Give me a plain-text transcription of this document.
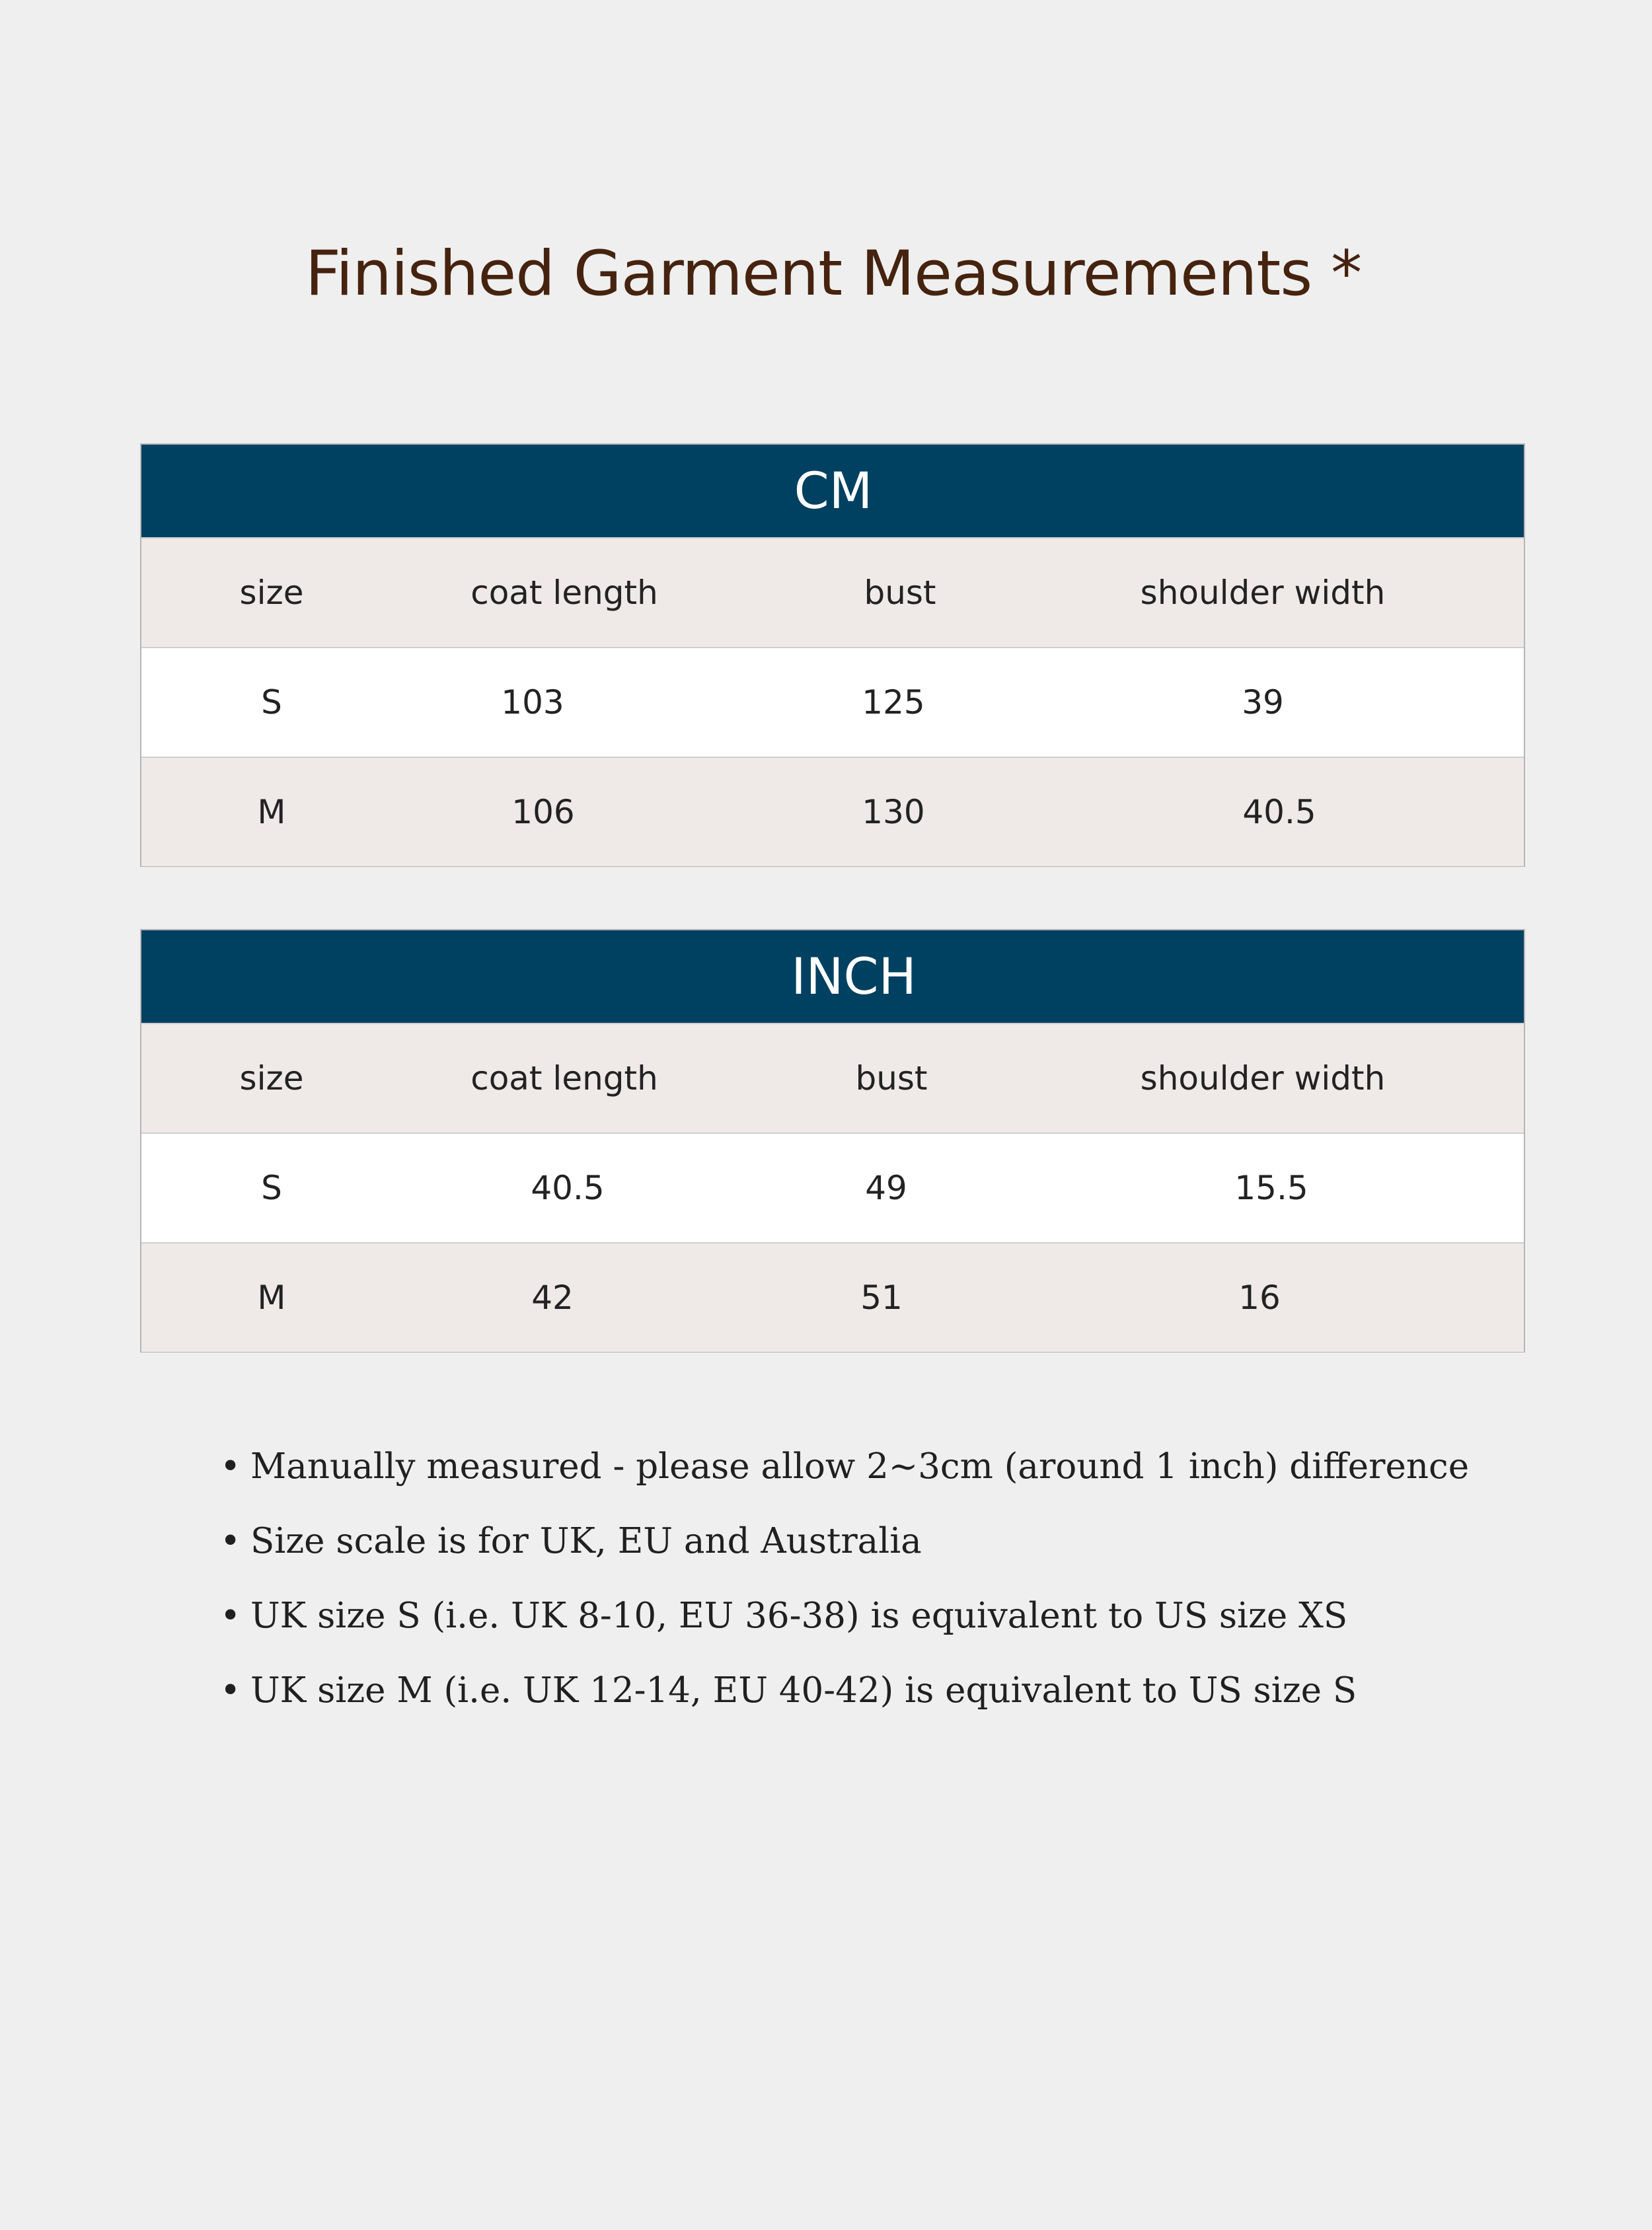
Finished Garment Measurements *
CM
size	coat length	bust	shoulder width
S	103	125	39
M	106	130	40.5
INCH
size	coat length	bust	shoulder width
S	40.5	49	15.5
M	42	51	16
• Manually measured - please allow 2~3cm (around 1 inch) difference
• Size scale is for UK, EU and Australia
• UK size S (i.e. UK 8-10, EU 36-38) is equivalent to US size XS
• UK size M (i.e. UK 12-14, EU 40-42) is equivalent to US size S
